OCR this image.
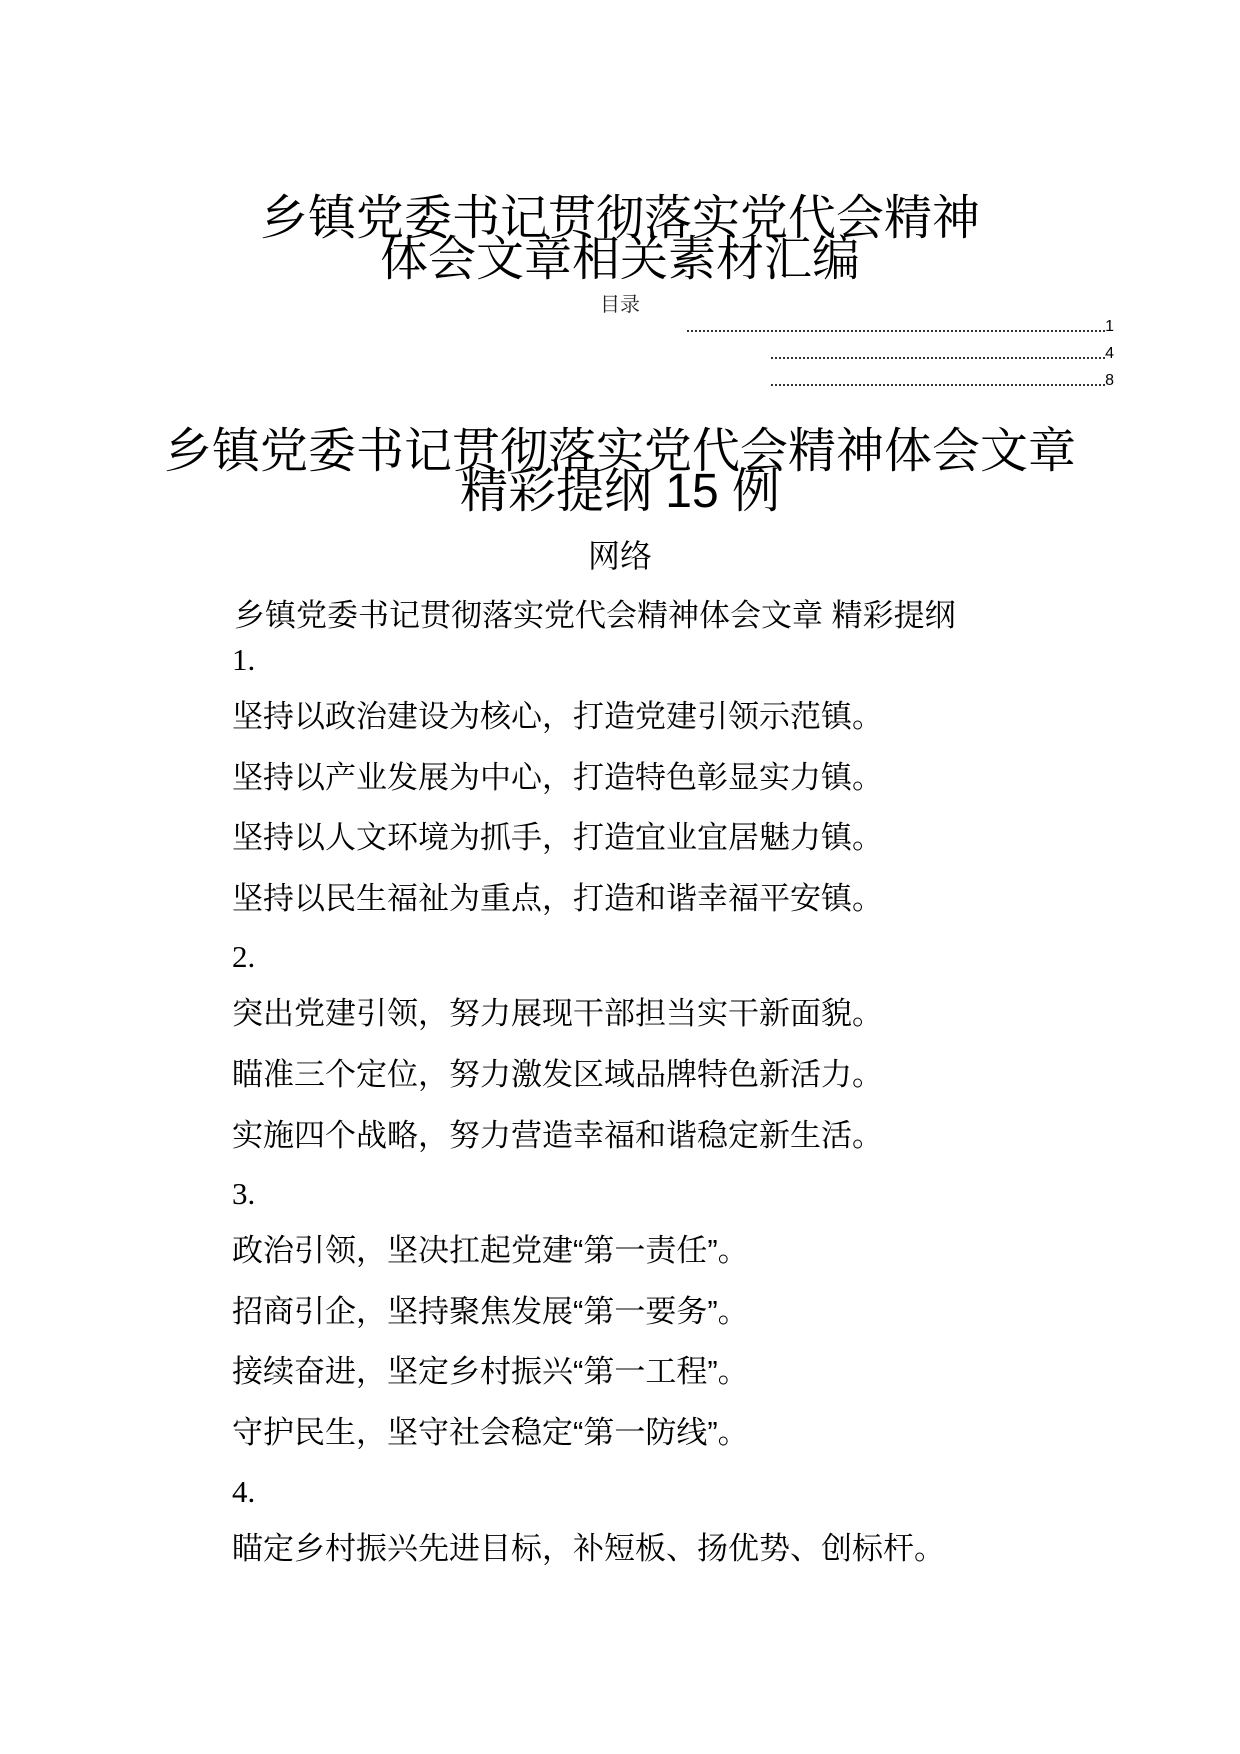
乡镇党委书记贯彻落实党代会精神
体会文章相关素材汇编
目录
1
4
8
乡镇党委书记贯彻落实党代会精神体会文章
精彩提纲 15 例
网络
乡镇党委书记贯彻落实党代会精神体会文章 精彩提纲
1.
坚持以政治建设为核心，打造党建引领示范镇。
坚持以产业发展为中心，打造特色彰显实力镇。
坚持以人文环境为抓手，打造宜业宜居魅力镇。
坚持以民生福祉为重点，打造和谐幸福平安镇。
2.
突出党建引领，努力展现干部担当实干新面貌。
瞄准三个定位，努力激发区域品牌特色新活力。
实施四个战略，努力营造幸福和谐稳定新生活。
3.
政治引领，坚决扛起党建“第一责任”。
招商引企，坚持聚焦发展“第一要务”。
接续奋进，坚定乡村振兴“第一工程”。
守护民生，坚守社会稳定“第一防线”。
4.
瞄定乡村振兴先进目标，补短板、扬优势、创标杆。
